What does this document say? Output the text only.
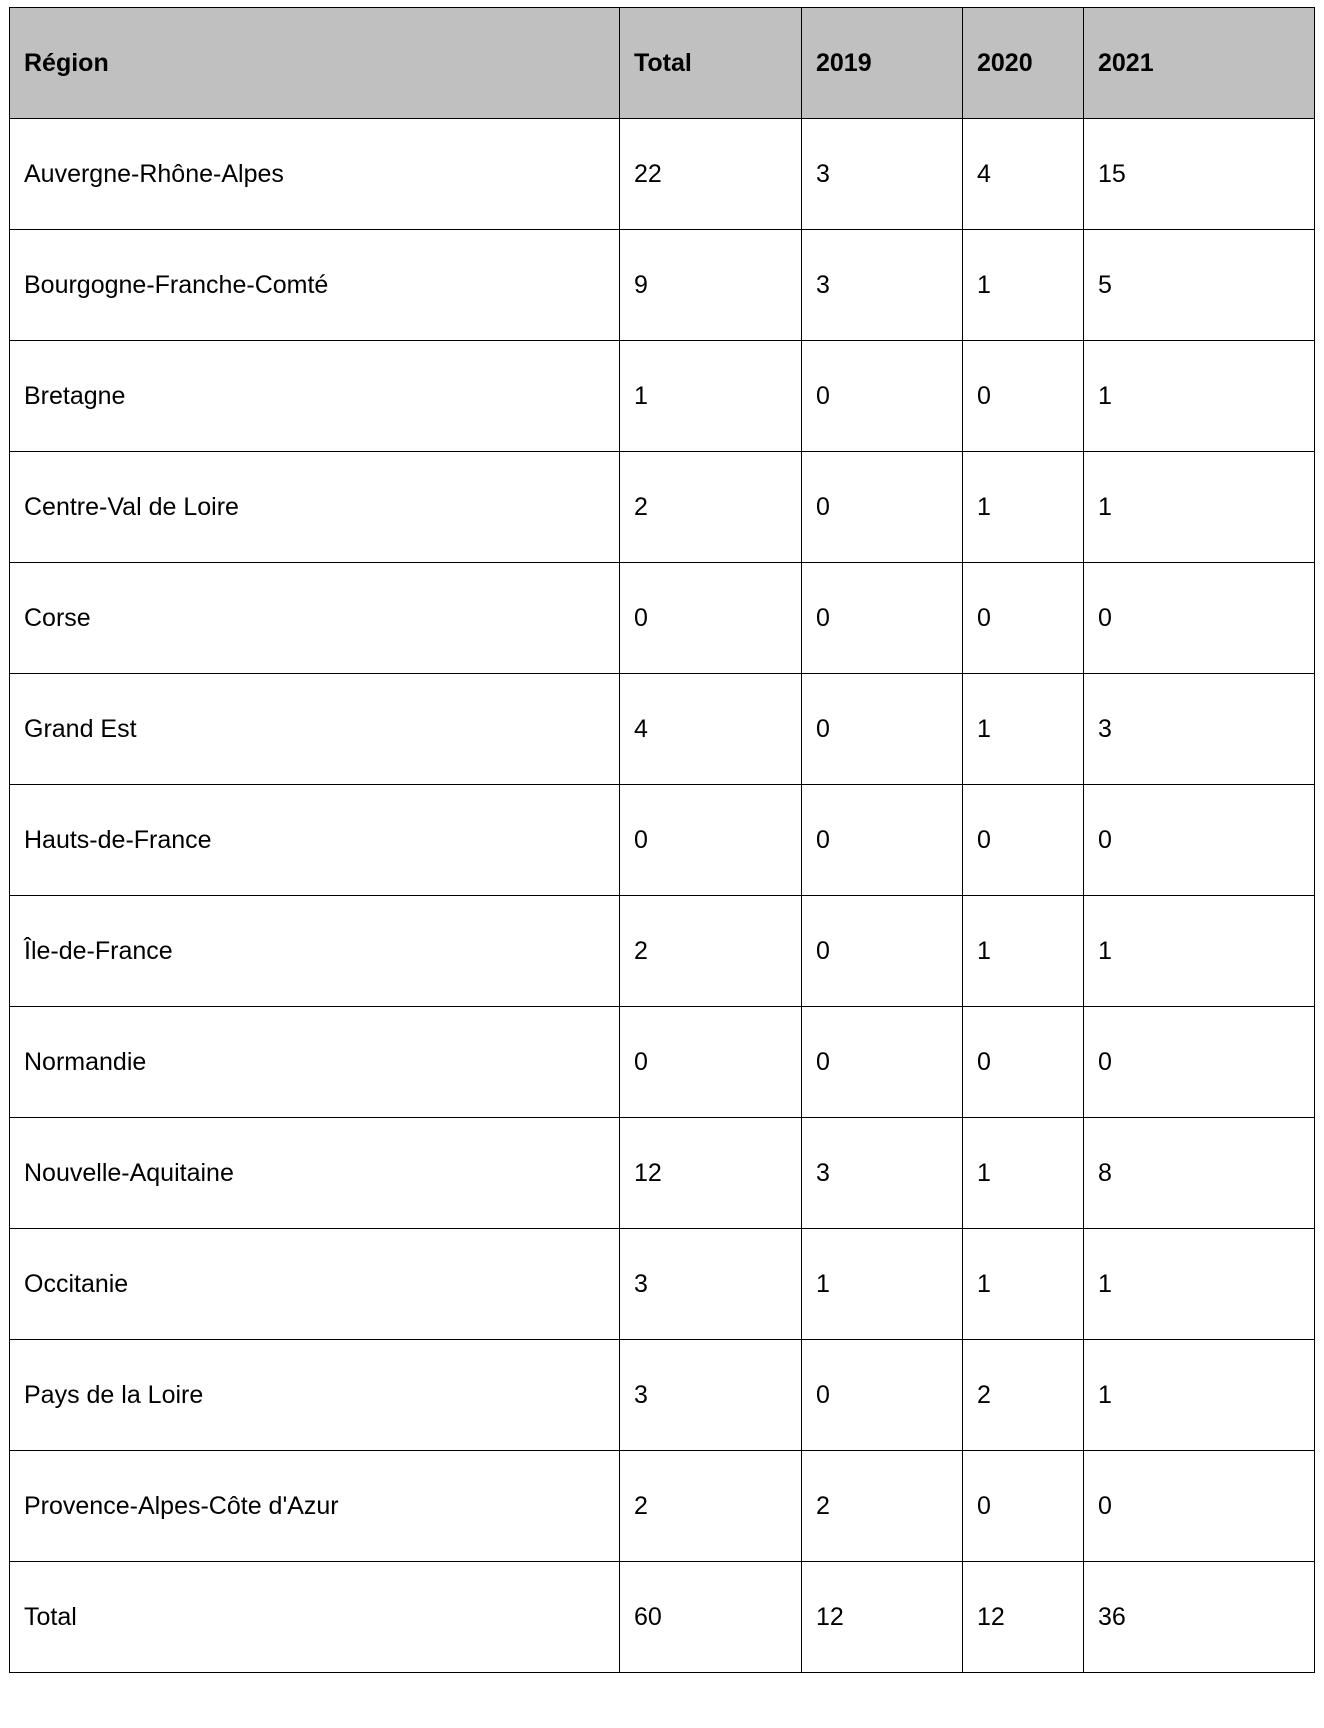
Région	Total	2019	2020	2021
Auvergne-Rhône-Alpes	22	3	4	15
Bourgogne-Franche-Comté	9	3	1	5
Bretagne	1	0	0	1
Centre-Val de Loire	2	0	1	1
Corse	0	0	0	0
Grand Est	4	0	1	3
Hauts-de-France	0	0	0	0
Île-de-France	2	0	1	1
Normandie	0	0	0	0
Nouvelle-Aquitaine	12	3	1	8
Occitanie	3	1	1	1
Pays de la Loire	3	0	2	1
Provence-Alpes-Côte d'Azur	2	2	0	0
Total	60	12	12	36
